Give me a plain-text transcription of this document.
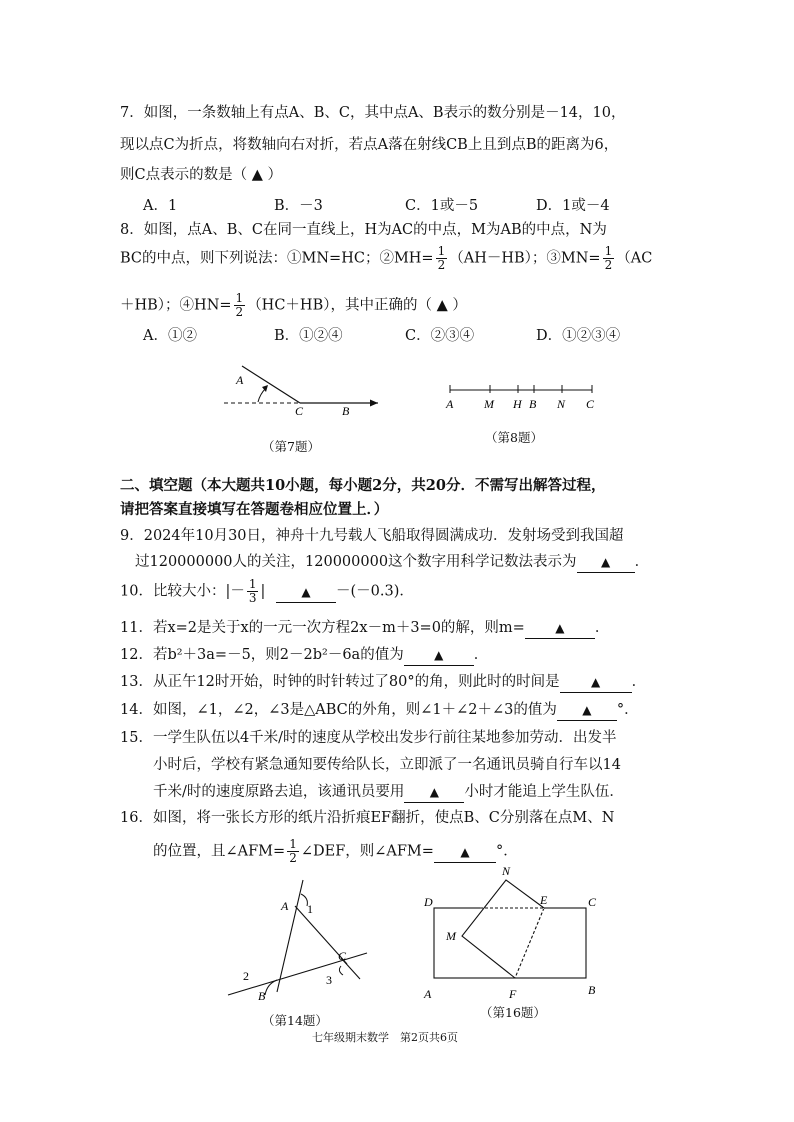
7．如图，一条数轴上有点A、B、C，其中点A、B表示的数分别是－14，10，
现以点C为折点，将数轴向右对折，若点A落在射线CB上且到点B的距离为6，
则C点表示的数是（ ▲ ）
A．1	B．－3	C．1或－5	D．1或－4
8．如图，点A、B、C在同一直线上，H为AC的中点，M为AB的中点，N为
BC的中点，则下列说法：①MN=HC；②MH= $\frac{1}{2} (AH-HB)$；③MN= $\frac{1}{2} (AC$
＋HB）；④HN= $\frac{1}{2} (HC+HB)$，其中正确的（ ▲ ）
A．①②	B．①②④	C．②③④	D．①②③④
A
C	B
（第7题）
A	M H B N C
（第8题）
二、填空题（本大题共10小题，每小题2分，共20分．不需写出解答过程，
请把答案直接填写在答题卷相应位置上．）
9．2024年10月30日，神舟十九号载人飞船取得圆满成功．发射场受到我国超
过120000000人的关注，120000000这个数字用科学记数法表示为 ▲ ．
10．比较大小：|－ $\frac{1}{3}$ |	▲ －(－0.3)．
11．若x=2是关于x的一元一次方程2x－m＋3=0的解，则m=	▲ ．
12．若b²＋3a=－5，则2－2b²－6a的值为	▲ ．
13．从正午12时开始，时钟的时针转过了80°的角，则此时的时间是	▲ ．
14．如图，∠1，∠2，∠3是△ABC的外角，则∠1＋∠2＋∠3的值为 ▲ °．
15．一学生队伍以4千米/时的速度从学校出发步行前往某地参加劳动．出发半
小时后，学校有紧急通知要传给队长，立即派了一名通讯员骑自行车以14
千米/时的速度原路去追，该通讯员要用 ▲ 小时才能追上学生队伍．
16．如图，将一张长方形的纸片沿折痕EF翻折，使点B、C分别落在点M、N
的位置，且∠AFM= $\frac{1}{2}$ ∠DEF，则∠AFM= ▲ °．
A 1
B
2
C
3
（第14题）
D
N
E	C
M
A	F	B
（第16题）
七年级期末数学　第2页共6页
